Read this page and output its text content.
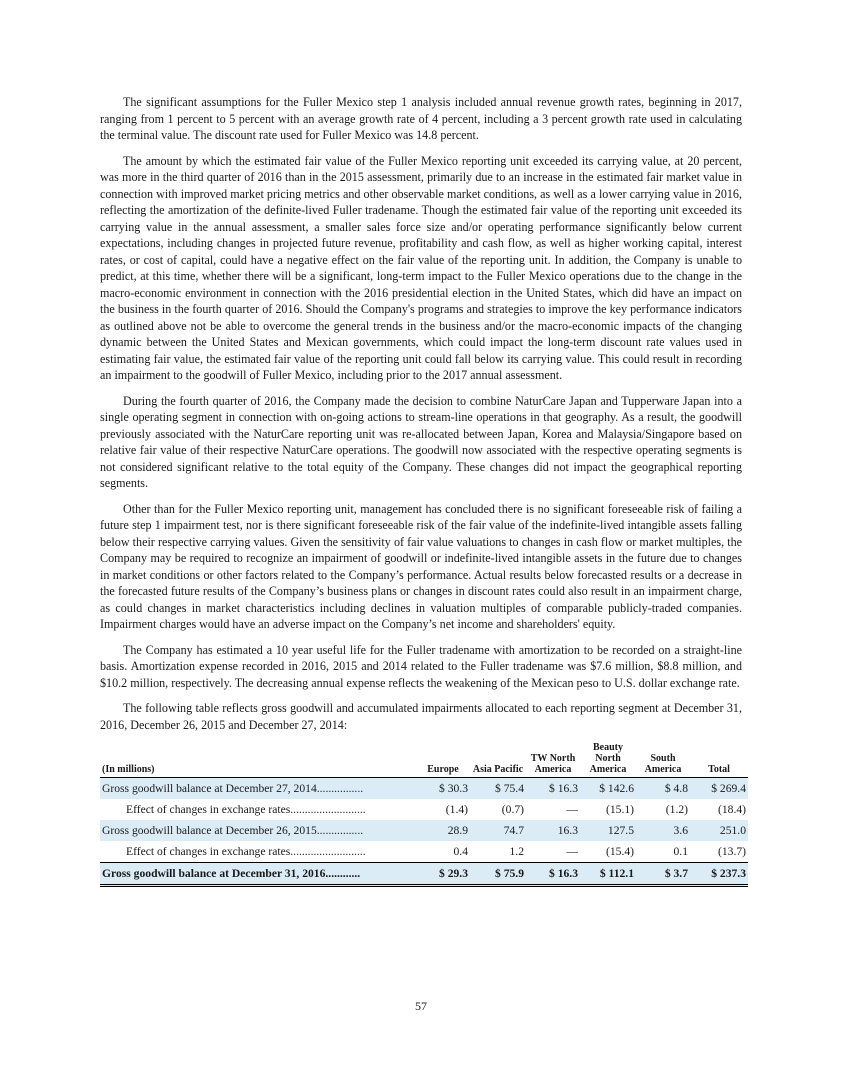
The significant assumptions for the Fuller Mexico step 1 analysis included annual revenue growth rates, beginning in 2017, ranging from 1 percent to 5 percent with an average growth rate of 4 percent, including a 3 percent growth rate used in calculating the terminal value. The discount rate used for Fuller Mexico was 14.8 percent.

The amount by which the estimated fair value of the Fuller Mexico reporting unit exceeded its carrying value, at 20 percent, was more in the third quarter of 2016 than in the 2015 assessment, primarily due to an increase in the estimated fair market value in connection with improved market pricing metrics and other observable market conditions, as well as a lower carrying value in 2016, reflecting the amortization of the definite-lived Fuller tradename. Though the estimated fair value of the reporting unit exceeded its carrying value in the annual assessment, a smaller sales force size and/or operating performance significantly below current expectations, including changes in projected future revenue, profitability and cash flow, as well as higher working capital, interest rates, or cost of capital, could have a negative effect on the fair value of the reporting unit. In addition, the Company is unable to predict, at this time, whether there will be a significant, long-term impact to the Fuller Mexico operations due to the change in the macro-economic environment in connection with the 2016 presidential election in the United States, which did have an impact on the business in the fourth quarter of 2016. Should the Company's programs and strategies to improve the key performance indicators as outlined above not be able to overcome the general trends in the business and/or the macro-economic impacts of the changing dynamic between the United States and Mexican governments, which could impact the long-term discount rate values used in estimating fair value, the estimated fair value of the reporting unit could fall below its carrying value. This could result in recording an impairment to the goodwill of Fuller Mexico, including prior to the 2017 annual assessment.

During the fourth quarter of 2016, the Company made the decision to combine NaturCare Japan and Tupperware Japan into a single operating segment in connection with on-going actions to stream-line operations in that geography. As a result, the goodwill previously associated with the NaturCare reporting unit was re-allocated between Japan, Korea and Malaysia/Singapore based on relative fair value of their respective NaturCare operations. The goodwill now associated with the respective operating segments is not considered significant relative to the total equity of the Company. These changes did not impact the geographical reporting segments.

Other than for the Fuller Mexico reporting unit, management has concluded there is no significant foreseeable risk of failing a future step 1 impairment test, nor is there significant foreseeable risk of the fair value of the indefinite-lived intangible assets falling below their respective carrying values. Given the sensitivity of fair value valuations to changes in cash flow or market multiples, the Company may be required to recognize an impairment of goodwill or indefinite-lived intangible assets in the future due to changes in market conditions or other factors related to the Company’s performance. Actual results below forecasted results or a decrease in the forecasted future results of the Company’s business plans or changes in discount rates could also result in an impairment charge, as could changes in market characteristics including declines in valuation multiples of comparable publicly-traded companies. Impairment charges would have an adverse impact on the Company’s net income and shareholders' equity.

The Company has estimated a 10 year useful life for the Fuller tradename with amortization to be recorded on a straight-line basis. Amortization expense recorded in 2016, 2015 and 2014 related to the Fuller tradename was $7.6 million, $8.8 million, and $10.2 million, respectively. The decreasing annual expense reflects the weakening of the Mexican peso to U.S. dollar exchange rate.

The following table reflects gross goodwill and accumulated impairments allocated to each reporting segment at December 31, 2016, December 26, 2015 and December 27, 2014:

(In millions)	Europe	Asia Pacific	TW North America	Beauty North America	South America	Total
Gross goodwill balance at December 27, 2014................	$ 30.3	$ 75.4	$ 16.3	$ 142.6	$ 4.8	$ 269.4
Effect of changes in exchange rates..........................	(1.4)	(0.7)	—	(15.1)	(1.2)	(18.4)
Gross goodwill balance at December 26, 2015................	28.9	74.7	16.3	127.5	3.6	251.0
Effect of changes in exchange rates..........................	0.4	1.2	—	(15.4)	0.1	(13.7)
Gross goodwill balance at December 31, 2016............	$ 29.3	$ 75.9	$ 16.3	$ 112.1	$ 3.7	$ 237.3
57
